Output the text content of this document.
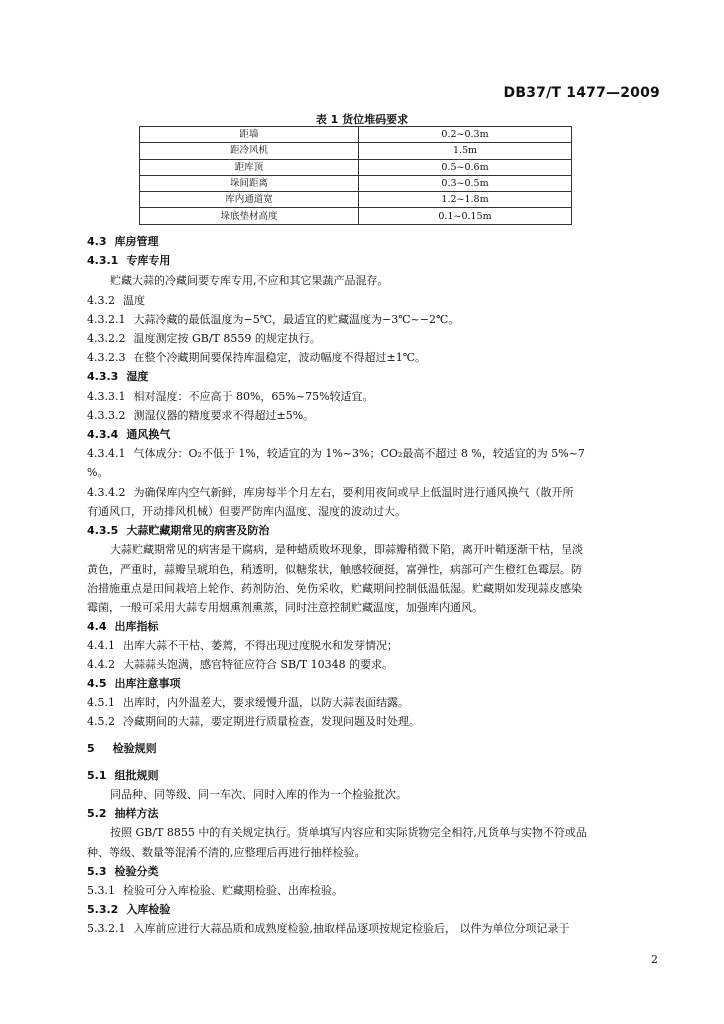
DB37/T 1477—2009
表 1 货位堆码要求
距墙	0.2~0.3m
距冷风机	1.5m
距库顶	0.5~0.6m
垛间距离	0.3~0.5m
库内通道宽	1.2~1.8m
垛底垫材高度	0.1~0.15m
4.3 库房管理
4.3.1 专库专用
贮藏大蒜的冷藏间要专库专用,不应和其它果蔬产品混存。
4.3.2 温度
4.3.2.1 大蒜冷藏的最低温度为−5℃，最适宜的贮藏温度为−3℃~−2℃。
4.3.2.2 温度测定按 GB/T 8559 的规定执行。
4.3.2.3 在整个冷藏期间要保持库温稳定，波动幅度不得超过±1℃。
4.3.3 湿度
4.3.3.1 相对湿度：不应高于 80%，65%~75%较适宜。
4.3.3.2 测湿仪器的精度要求不得超过±5%。
4.3.4 通风换气
4.3.4.1 气体成分：O₂不低于 1%，较适宜的为 1%~3%；CO₂最高不超过 8 %，较适宜的为 5%~7
%。
4.3.4.2 为确保库内空气新鲜，库房每半个月左右，要利用夜间或早上低温时进行通风换气（散开所
有通风口，开动排风机械）但要严防库内温度、湿度的波动过大。
4.3.5 大蒜贮藏期常见的病害及防治
大蒜贮藏期常见的病害是干腐病，是种蜡质败坏现象，即蒜瓣稍微下陷，离开叶鞘逐渐干枯，呈淡
黄色，严重时，蒜瓣呈琥珀色，稍透明，似糖浆状，触感较硬挺，富弹性，病部可产生橙红色霉层。防
治措施重点是田间栽培上轮作、药剂防治、免伤采收，贮藏期间控制低温低湿。贮藏期如发现蒜皮感染
霉菌，一般可采用大蒜专用烟熏剂熏蒸，同时注意控制贮藏温度，加强库内通风。
4.4 出库指标
4.4.1 出库大蒜不干枯、萎蔫，不得出现过度脱水和发芽情况；
4.4.2 大蒜蒜头饱满，感官特征应符合 SB/T 10348 的要求。
4.5 出库注意事项
4.5.1 出库时，内外温差大，要求缓慢升温，以防大蒜表面结露。
4.5.2 冷藏期间的大蒜，要定期进行质量检查，发现问题及时处理。
5 检验规则
5.1 组批规则
同品种、同等级、同一车次、同时入库的作为一个检验批次。
5.2 抽样方法
按照 GB/T 8855 中的有关规定执行。货单填写内容应和实际货物完全相符,凡货单与实物不符或品
种、等级、数量等混淆不清的,应整理后再进行抽样检验。
5.3 检验分类
5.3.1 检验可分入库检验、贮藏期检验、出库检验。
5.3.2 入库检验
5.3.2.1 入库前应进行大蒜品质和成熟度检验,抽取样品逐项按规定检验后， 以件为单位分项记录于
2
